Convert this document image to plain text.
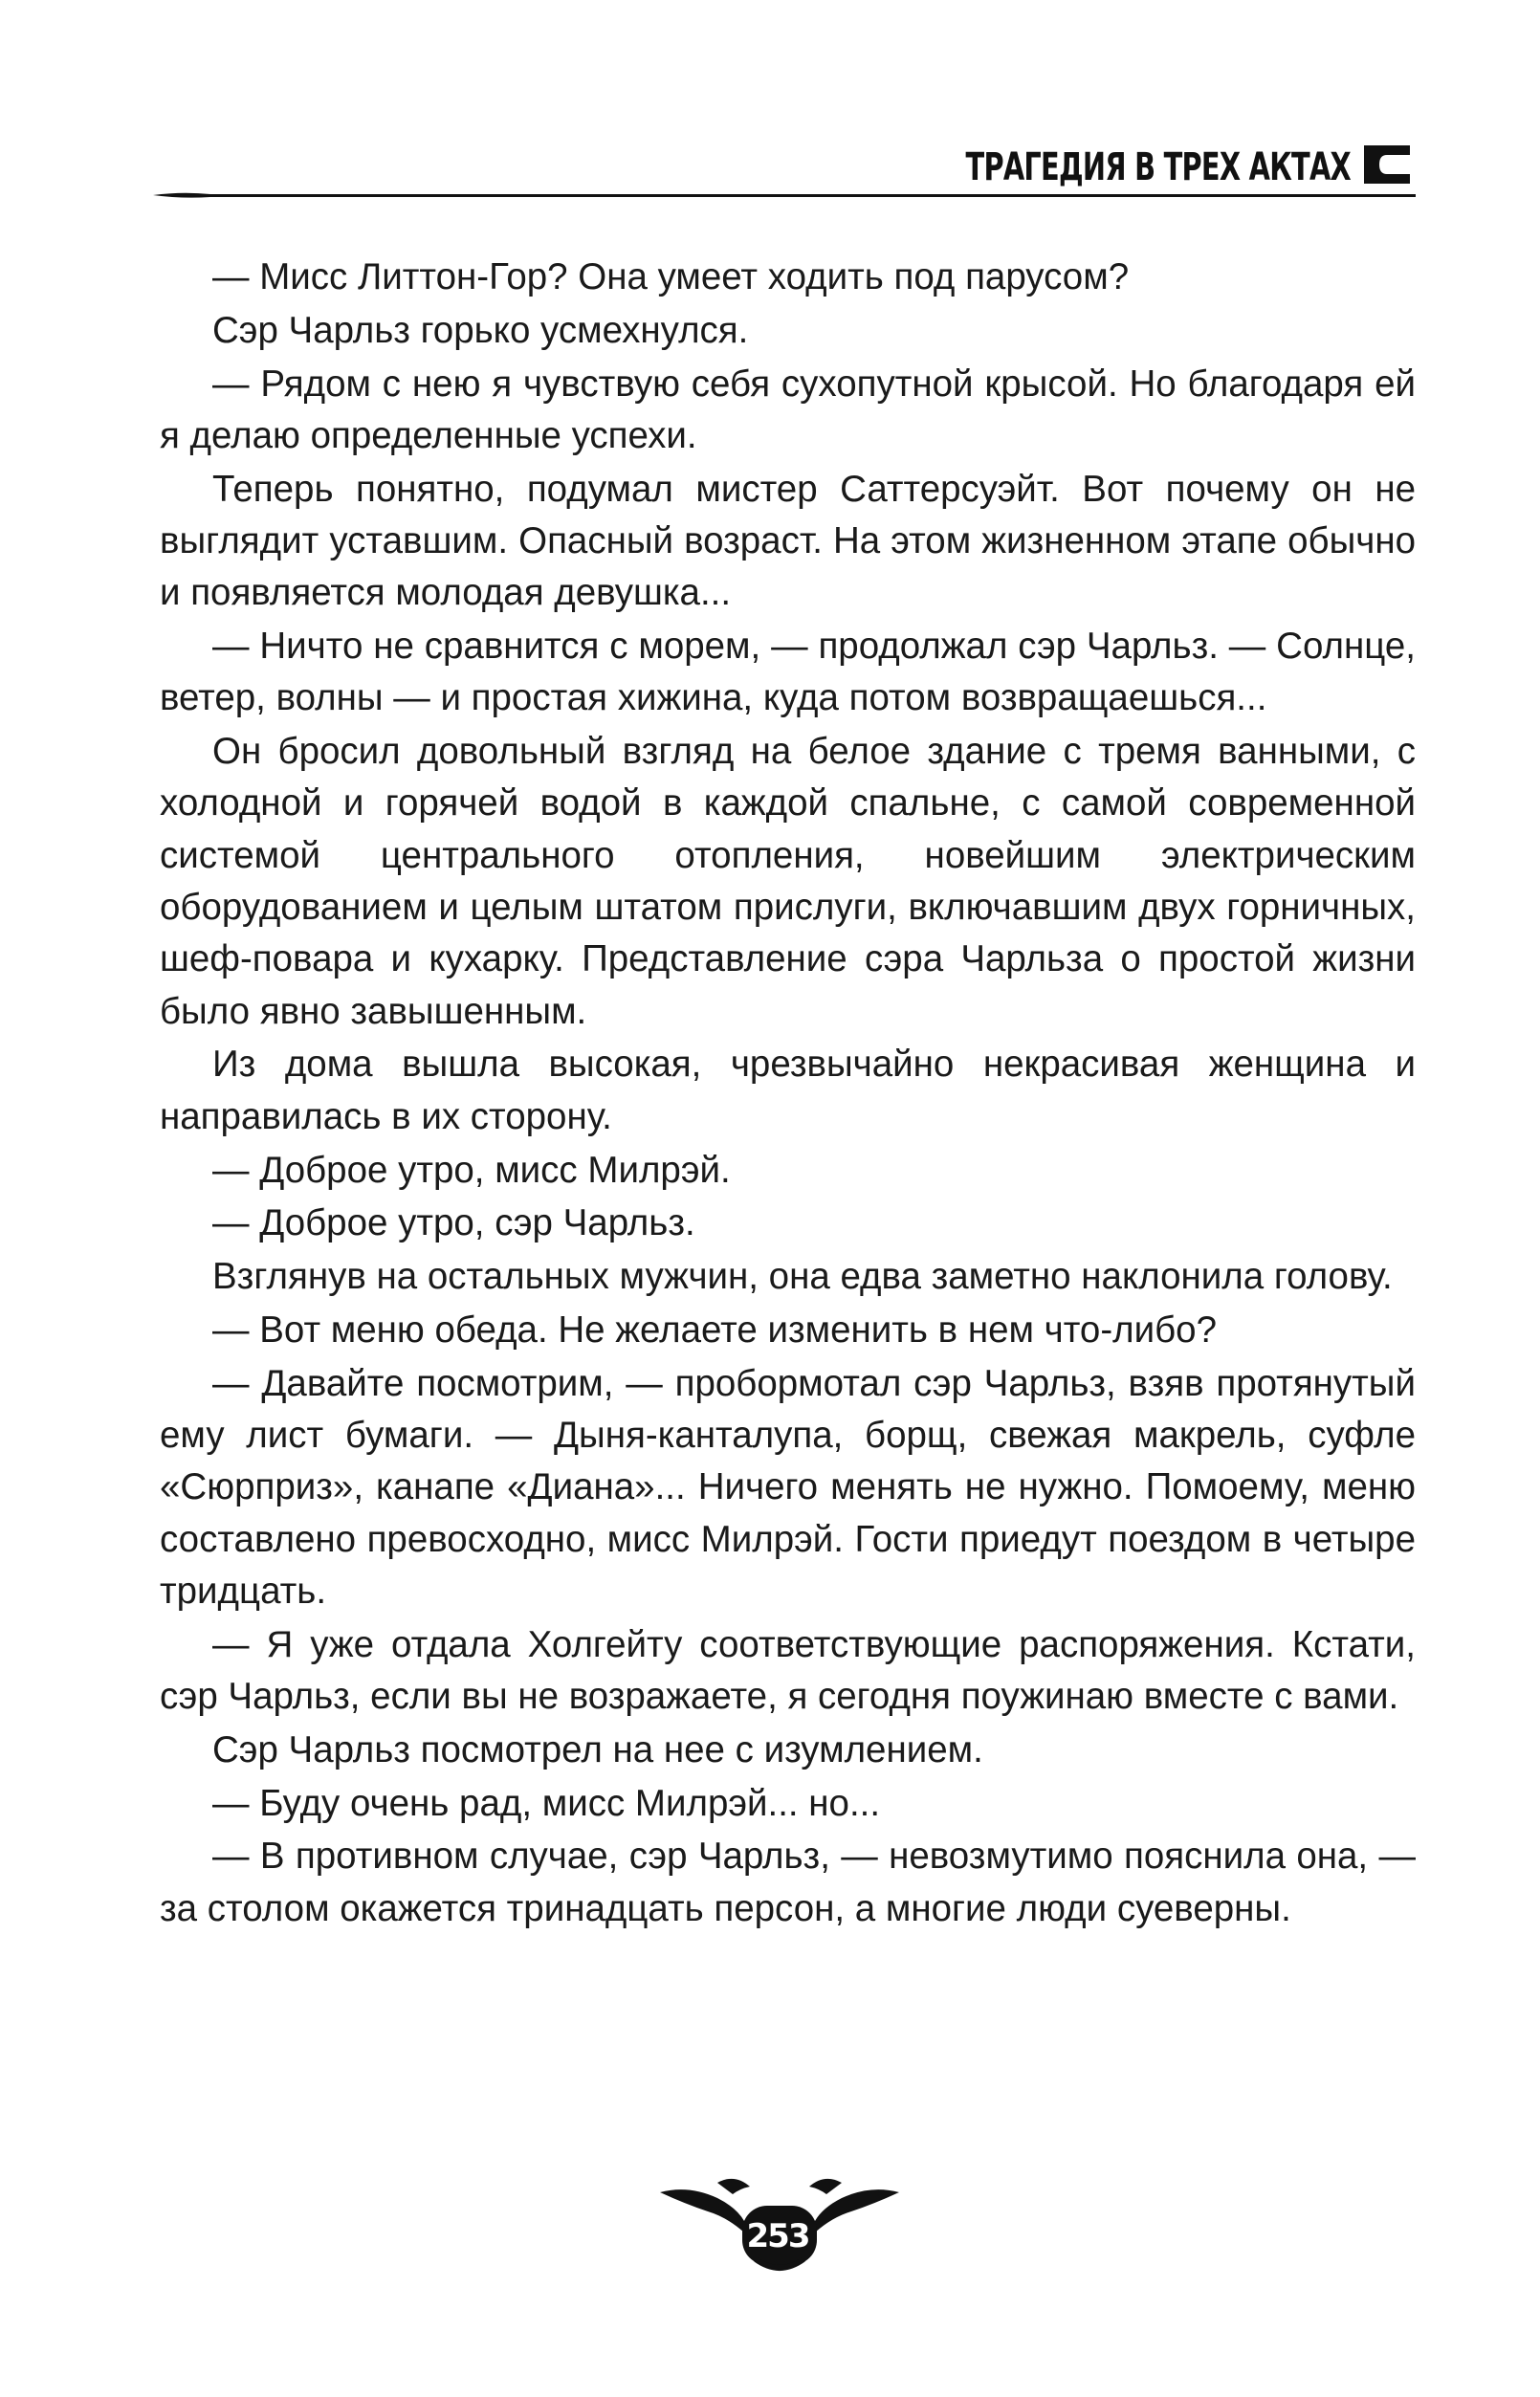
ТРАГЕДИЯ В ТРЕХ АКТАХ

— Мисс Литтон-Гор? Она умеет ходить под парусом?

Сэр Чарльз горько усмехнулся.

— Рядом с нею я чувствую себя сухопутной крысой. Но благодаря ей я делаю определенные успехи.

Теперь понятно, подумал мистер Саттерсуэйт. Вот почему он не выглядит уставшим. Опасный возраст. На этом жизненном этапе обычно и появляется молодая девушка...

— Ничто не сравнится с морем, — продолжал сэр Чарльз. — Солнце, ветер, волны — и простая хижина, куда потом возвращаешься...

Он бросил довольный взгляд на белое здание с тремя ванными, с холодной и горячей водой в каждой спальне, с самой современной системой центрального отопления, новейшим электрическим оборудованием и целым штатом прислуги, включавшим двух горничных, шеф-повара и кухарку. Представление сэра Чарльза о простой жизни было явно завышенным.

Из дома вышла высокая, чрезвычайно некрасивая женщина и направилась в их сторону.

— Доброе утро, мисс Милрэй.

— Доброе утро, сэр Чарльз.

Взглянув на остальных мужчин, она едва заметно наклонила голову.

— Вот меню обеда. Не желаете изменить в нем что-либо?

— Давайте посмотрим, — пробормотал сэр Чарльз, взяв протянутый ему лист бумаги. — Дыня-канталупа, борщ, свежая макрель, суфле «Сюрприз», канапе «Диана»... Ничего менять не нужно. Помоему, меню составлено превосходно, мисс Милрэй. Гости приедут поездом в четыре тридцать.

— Я уже отдала Холгейту соответствующие распоряжения. Кстати, сэр Чарльз, если вы не возражаете, я сегодня поужинаю вместе с вами.

Сэр Чарльз посмотрел на нее с изумлением.

— Буду очень рад, мисс Милрэй... но...

— В противном случае, сэр Чарльз, — невозмутимо пояснила она, — за столом окажется тринадцать персон, а многие люди суеверны.

253
